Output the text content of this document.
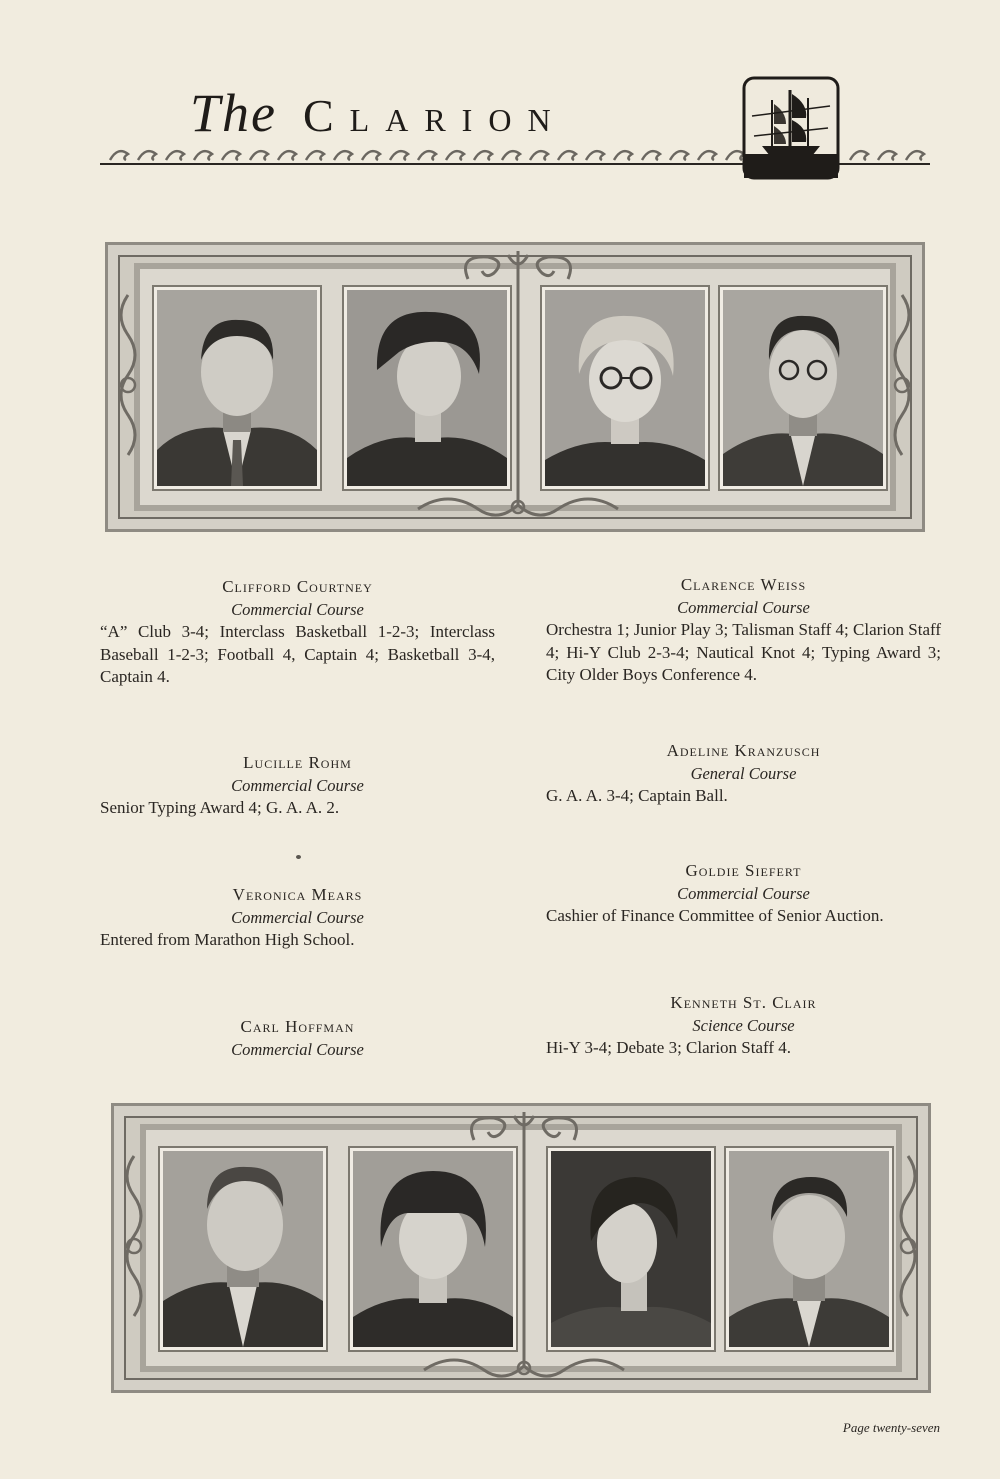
The Clarion
Clifford Courtney
Commercial Course
“A” Club 3-4; Interclass Basketball 1-2-3; Interclass Baseball 1-2-3; Football 4, Captain 4; Basketball 3-4, Captain 4.
Lucille Rohm
Commercial Course
Senior Typing Award 4; G. A. A. 2.
Veronica Mears
Commercial Course
Entered from Marathon High School.
Carl Hoffman
Commercial Course
Clarence Weiss
Commercial Course
Orchestra 1; Junior Play 3; Talisman Staff 4; Clarion Staff 4; Hi-Y Club 2-3-4; Nautical Knot 4; Typing Award 3; City Older Boys Conference 4.
Adeline Kranzusch
General Course
G. A. A. 3-4; Captain Ball.
Goldie Siefert
Commercial Course
Cashier of Finance Committee of Senior Auction.
Kenneth St. Clair
Science Course
Hi-Y 3-4; Debate 3; Clarion Staff 4.
Page twenty-seven
